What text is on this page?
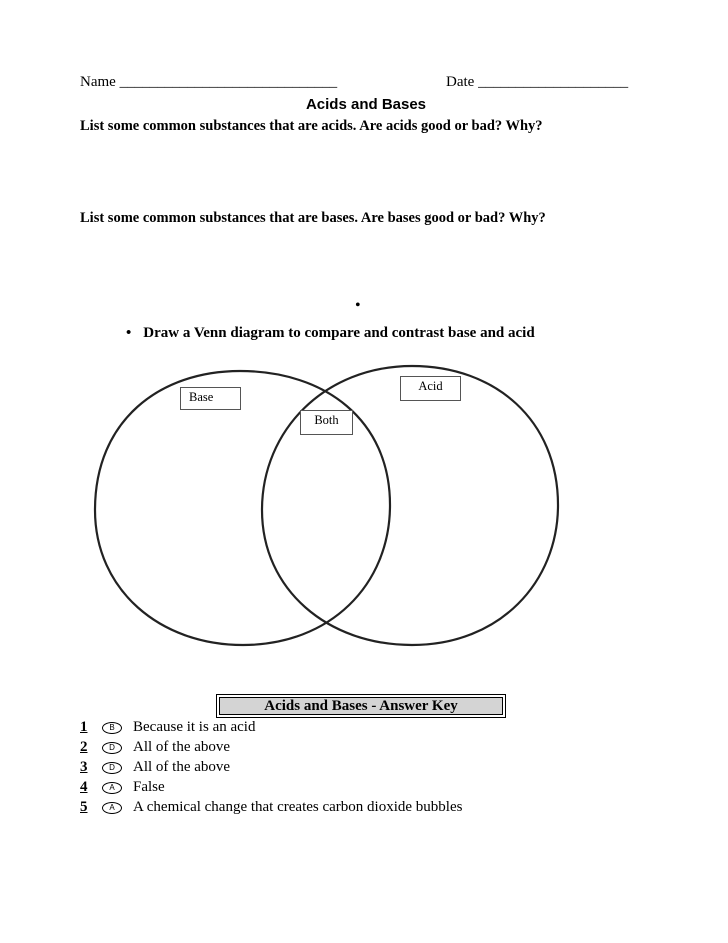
Name _____________________________	Date ____________________
Acids and Bases
List some common substances that are acids. Are acids good or bad? Why?
List some common substances that are bases. Are bases good or bad? Why?
•
• Draw a Venn diagram to compare and contrast base and acid
Base
Acid
Both
Acids and Bases - Answer Key
1	B	Because it is an acid
2	D	All of the above
3	D	All of the above
4	A	False
5	A	A chemical change that creates carbon dioxide bubbles
